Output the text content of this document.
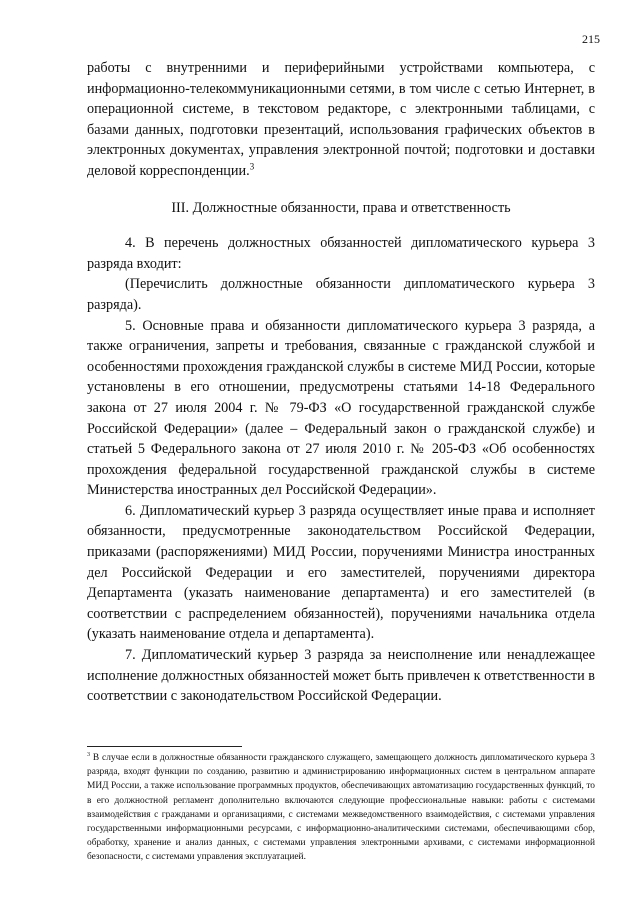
215

работы с внутренними и периферийными устройствами компьютера, с информационно-телекоммуникационными сетями, в том числе с сетью Интернет, в операционной системе, в текстовом редакторе, с электронными таблицами, с базами данных, подготовки презентаций, использования графических объектов в электронных документах, управления электронной почтой; подготовки и доставки деловой корреспонденции.$^3$

III. Должностные обязанности, права и ответственность

4. В перечень должностных обязанностей дипломатического курьера 3 разряда входит:

(Перечислить должностные обязанности дипломатического курьера 3 разряда).

5. Основные права и обязанности дипломатического курьера 3 разряда, а также ограничения, запреты и требования, связанные с гражданской службой и особенностями прохождения гражданской службы в системе МИД России, которые установлены в его отношении, предусмотрены статьями 14-18 Федерального закона от 27 июля 2004 г. № 79-ФЗ «О государственной гражданской службе Российской Федерации» (далее – Федеральный закон о гражданской службе) и статьей 5 Федерального закона от 27 июля 2010 г. № 205-ФЗ «Об особенностях прохождения федеральной государственной гражданской службы в системе Министерства иностранных дел Российской Федерации».

6. Дипломатический курьер 3 разряда осуществляет иные права и исполняет обязанности, предусмотренные законодательством Российской Федерации, приказами (распоряжениями) МИД России, поручениями Министра иностранных дел Российской Федерации и его заместителей, поручениями директора Департамента (указать наименование департамента) и его заместителей (в соответствии с распределением обязанностей), поручениями начальника отдела (указать наименование отдела и департамента).

7. Дипломатический курьер 3 разряда за неисполнение или ненадлежащее исполнение должностных обязанностей может быть привлечен к ответственности в соответствии с законодательством Российской Федерации.

$^3$ В случае если в должностные обязанности гражданского служащего, замещающего должность дипломатического курьера 3 разряда, входят функции по созданию, развитию и администрированию информационных систем в центральном аппарате МИД России, а также использование программных продуктов, обеспечивающих автоматизацию государственных функций, то в его должностной регламент дополнительно включаются следующие профессиональные навыки: работы с системами взаимодействия с гражданами и организациями, с системами межведомственного взаимодействия, с системами управления государственными информационными ресурсами, с информационно-аналитическими системами, обеспечивающими сбор, обработку, хранение и анализ данных, с системами управления электронными архивами, с системами информационной безопасности, с системами управления эксплуатацией.
